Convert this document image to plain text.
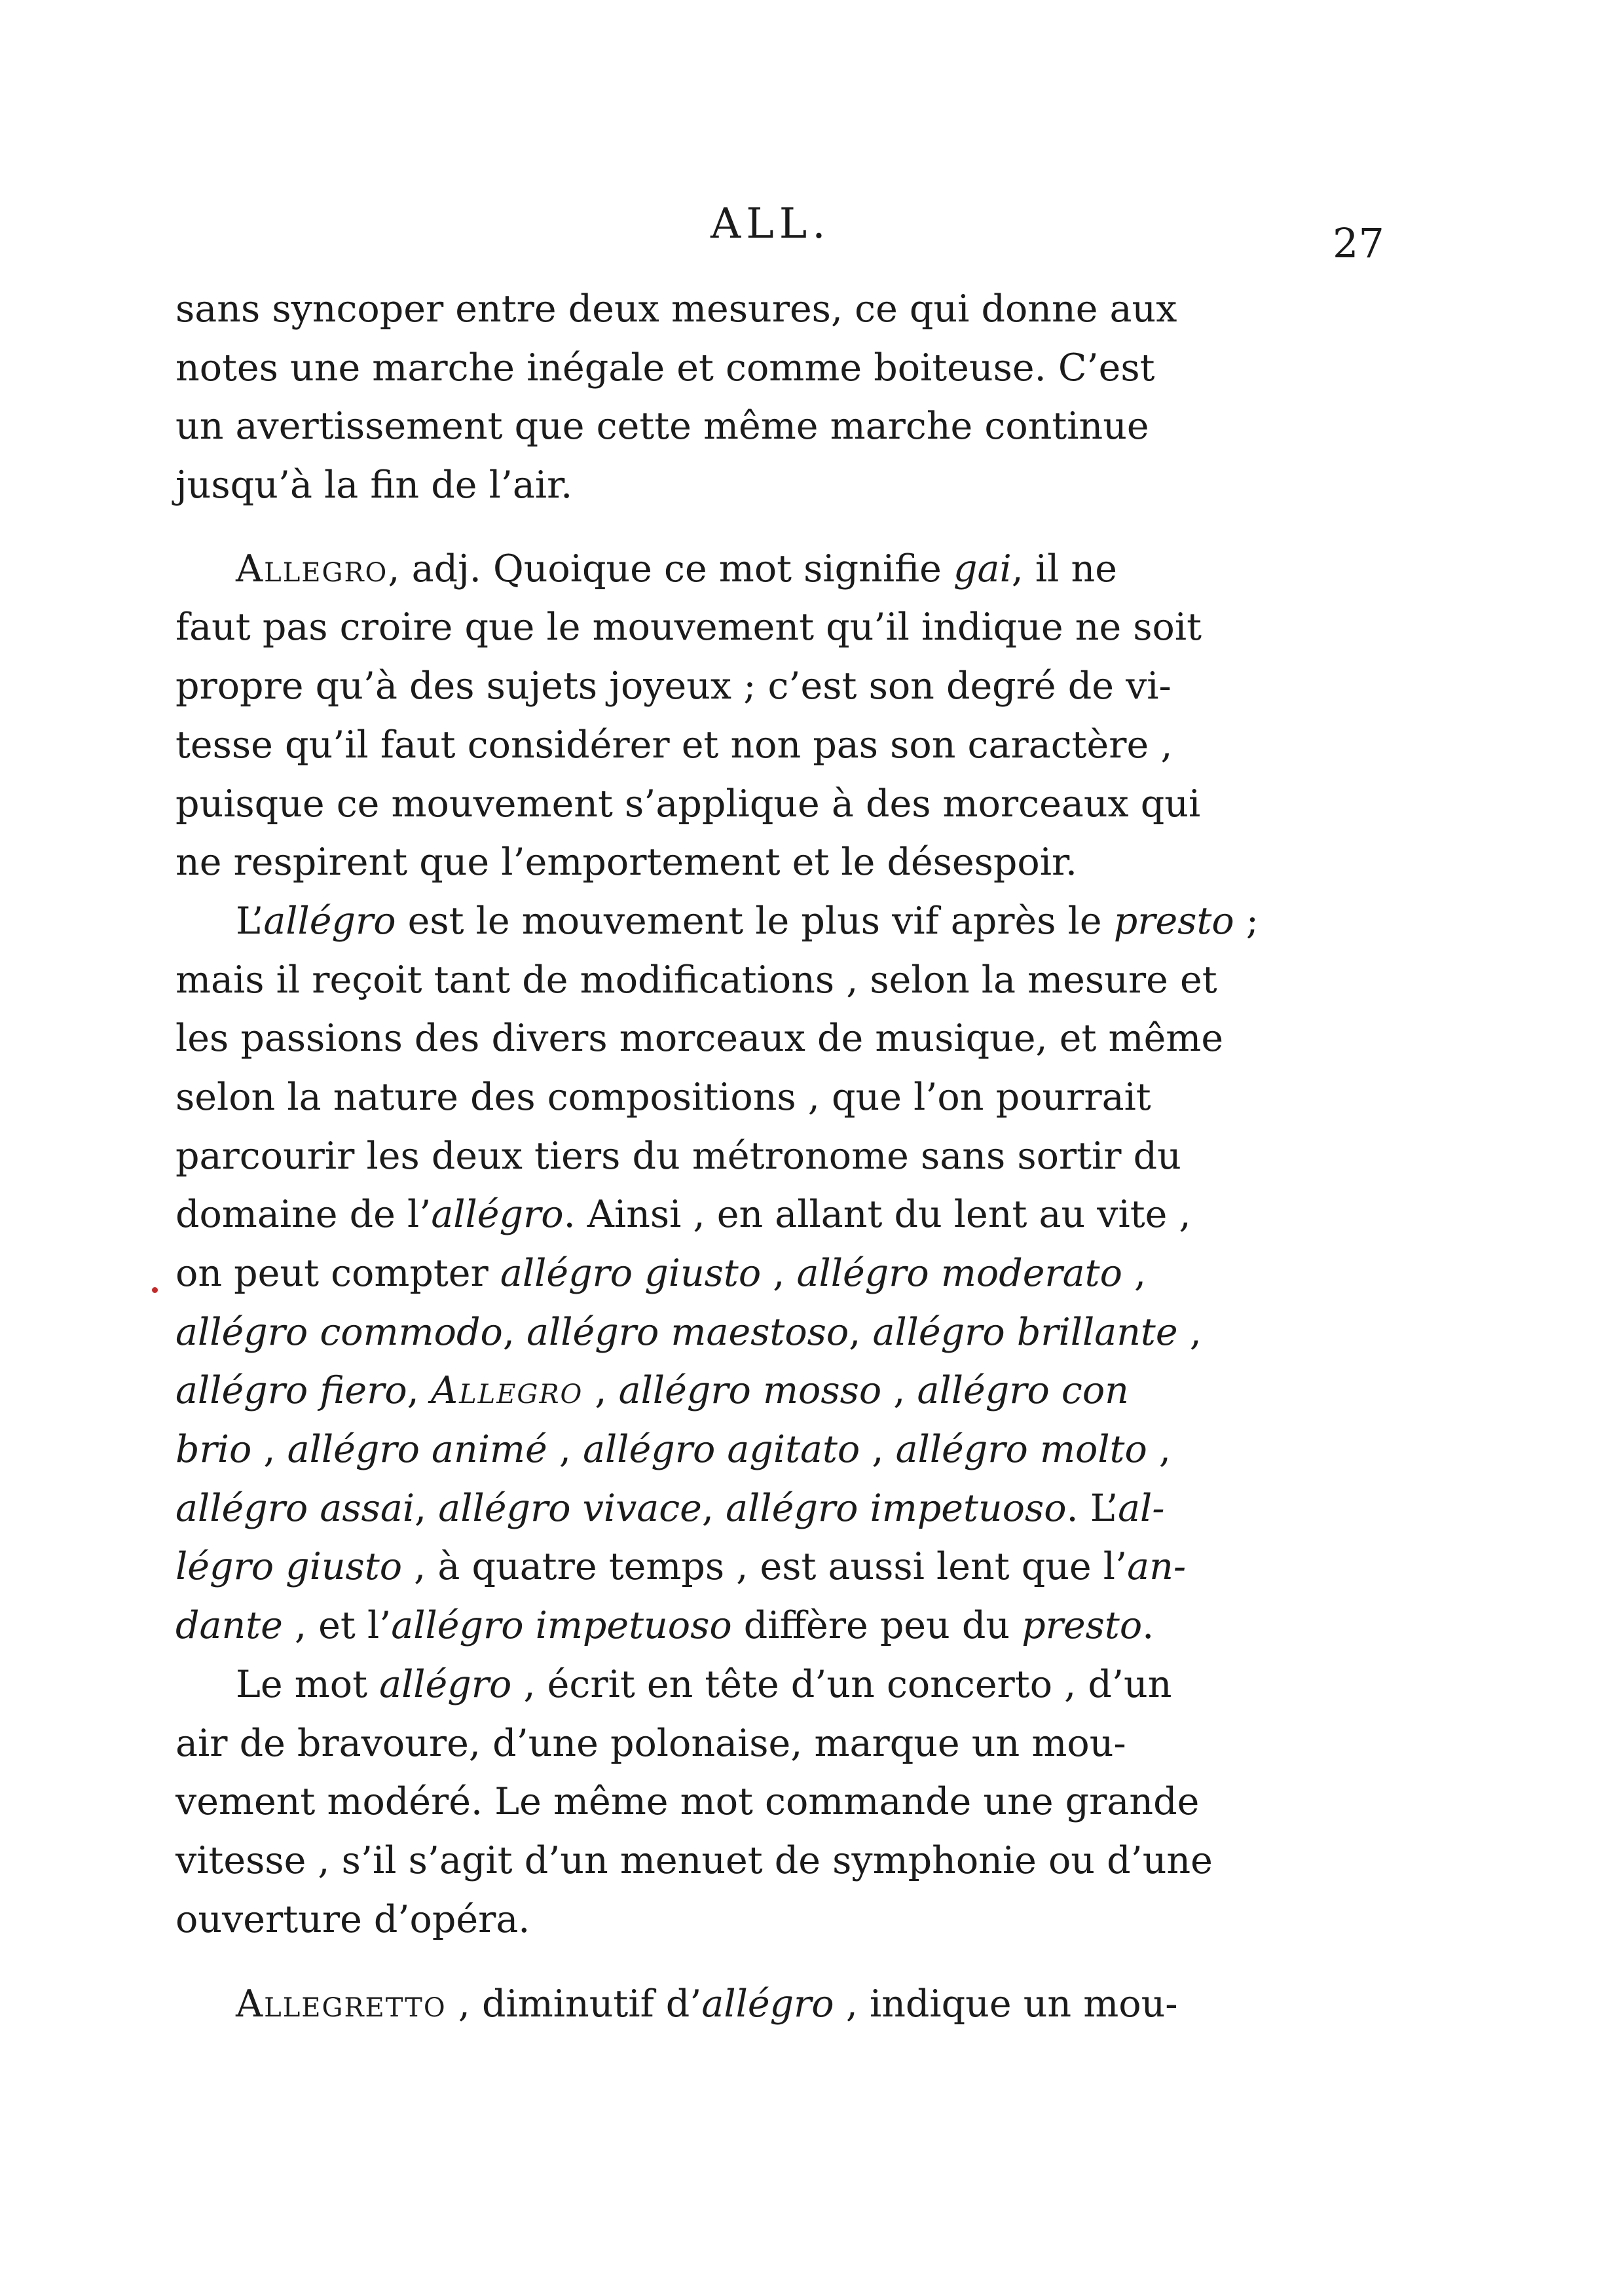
ALL.	27
sans syncoper entre deux mesures, ce qui donne aux
notes une marche inégale et comme boiteuse. C’est
un avertissement que cette même marche continue
jusqu’à la fin de l’air.
Allegro, adj. Quoique ce mot signifie gai, il ne
faut pas croire que le mouvement qu’il indique ne soit
propre qu’à des sujets joyeux ; c’est son degré de vi-
tesse qu’il faut considérer et non pas son caractère ,
puisque ce mouvement s’applique à des morceaux qui
ne respirent que l’emportement et le désespoir.
L’allégro est le mouvement le plus vif après le presto ;
mais il reçoit tant de modifications , selon la mesure et
les passions des divers morceaux de musique, et même
selon la nature des compositions , que l’on pourrait
parcourir les deux tiers du métronome sans sortir du
domaine de l’allégro. Ainsi , en allant du lent au vite ,
on peut compter allégro giusto , allégro moderato ,
allégro commodo, allégro maestoso, allégro brillante ,
allégro fiero, Allegro , allégro mosso , allégro con
brio , allégro animé , allégro agitato , allégro molto ,
allégro assai, allégro vivace, allégro impetuoso. L’al-
légro giusto , à quatre temps , est aussi lent que l’an-
dante , et l’allégro impetuoso diffère peu du presto.
Le mot allégro , écrit en tête d’un concerto , d’un
air de bravoure, d’une polonaise, marque un mou-
vement modéré. Le même mot commande une grande
vitesse , s’il s’agit d’un menuet de symphonie ou d’une
ouverture d’opéra.
Allegretto , diminutif d’allégro , indique un mou-
